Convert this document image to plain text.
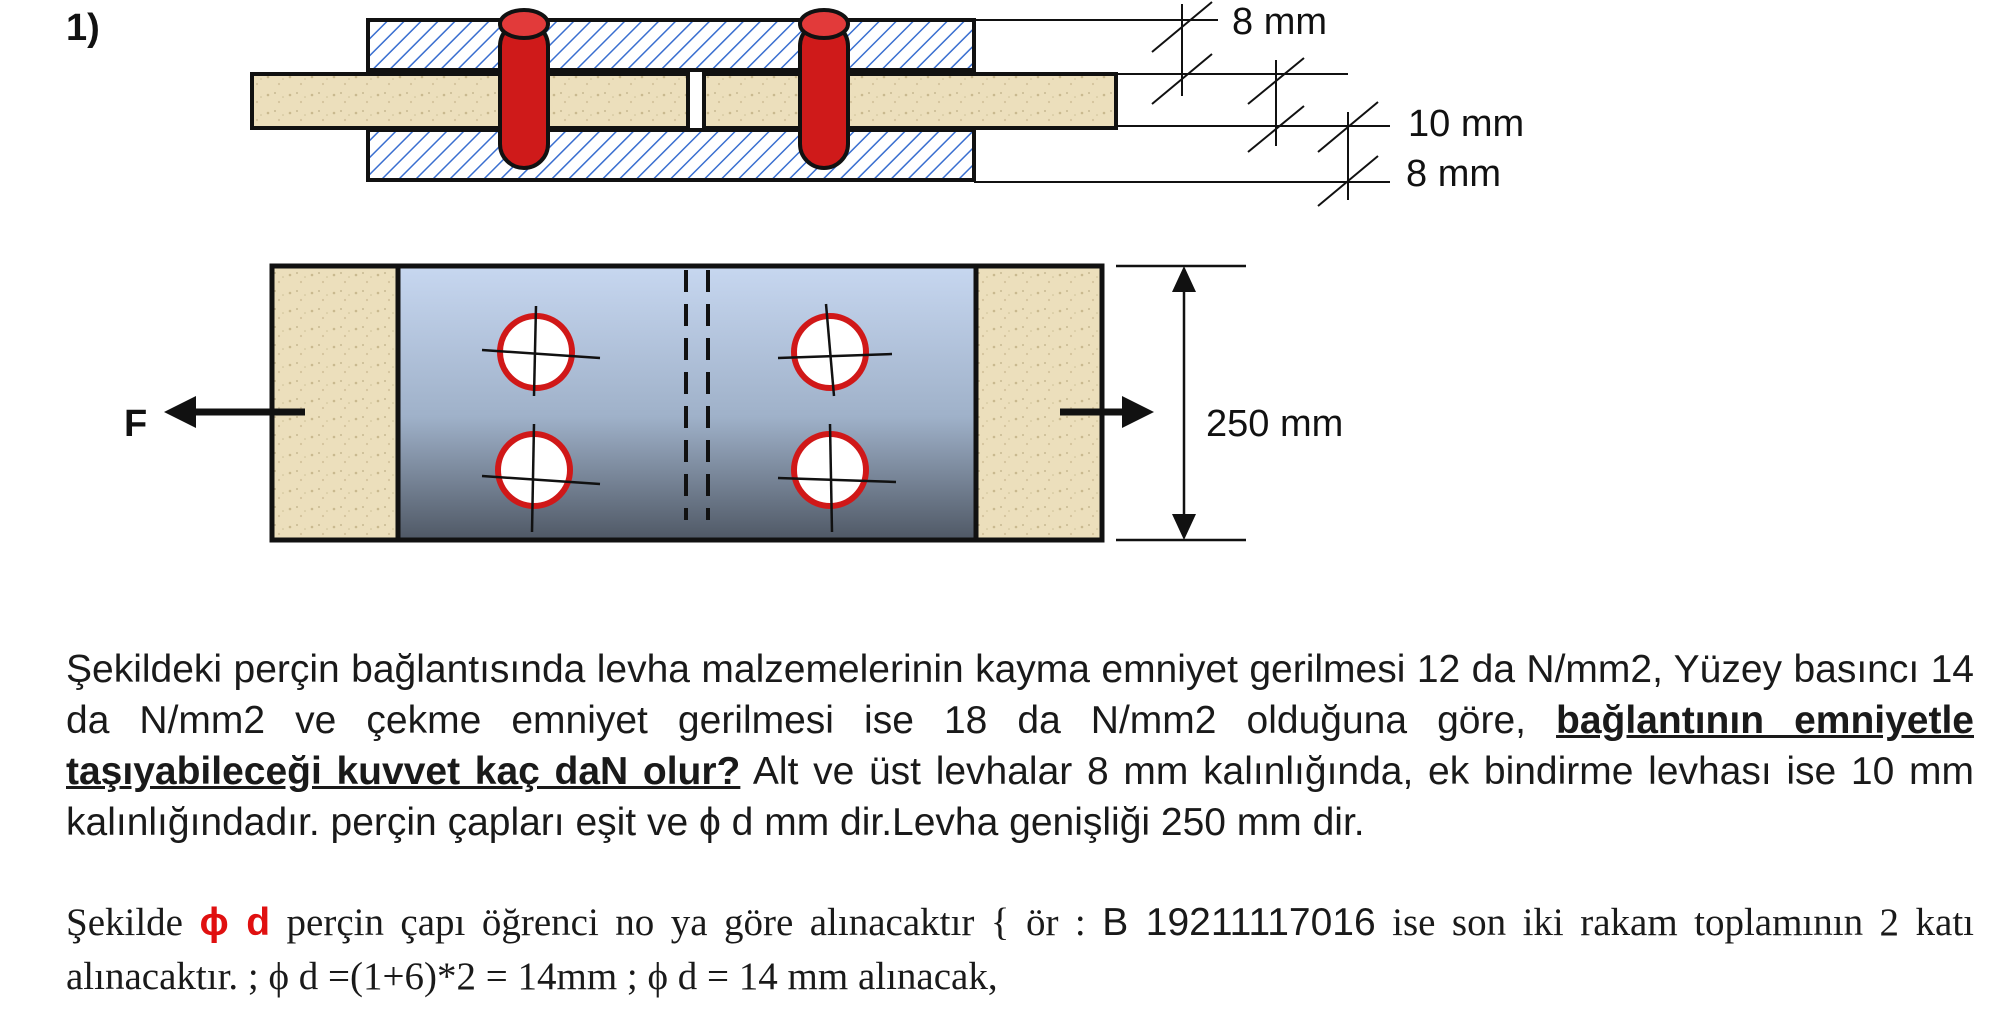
1)	8 mm
10 mm
8 mm
F	250 mm

Şekildeki perçin bağlantısında levha malzemelerinin kayma emniyet gerilmesi 12 da N/mm2, Yüzey basıncı 14 da N/mm2 ve çekme emniyet gerilmesi ise 18 da N/mm2 olduğuna göre, bağlantının emniyetle taşıyabileceği kuvvet kaç daN olur? Alt ve üst levhalar 8 mm kalınlığında, ek bindirme levhası ise 10 mm kalınlığındadır. perçin çapları eşit ve ϕ d mm dir.Levha genişliği 250 mm dir.

Şekilde ϕ d perçin çapı öğrenci no ya göre alınacaktır { ör : B 19211117016 ise son iki rakam toplamının 2 katı alınacaktır. ; ϕ d =(1+6)*2 = 14mm ; ϕ d = 14 mm alınacak,
